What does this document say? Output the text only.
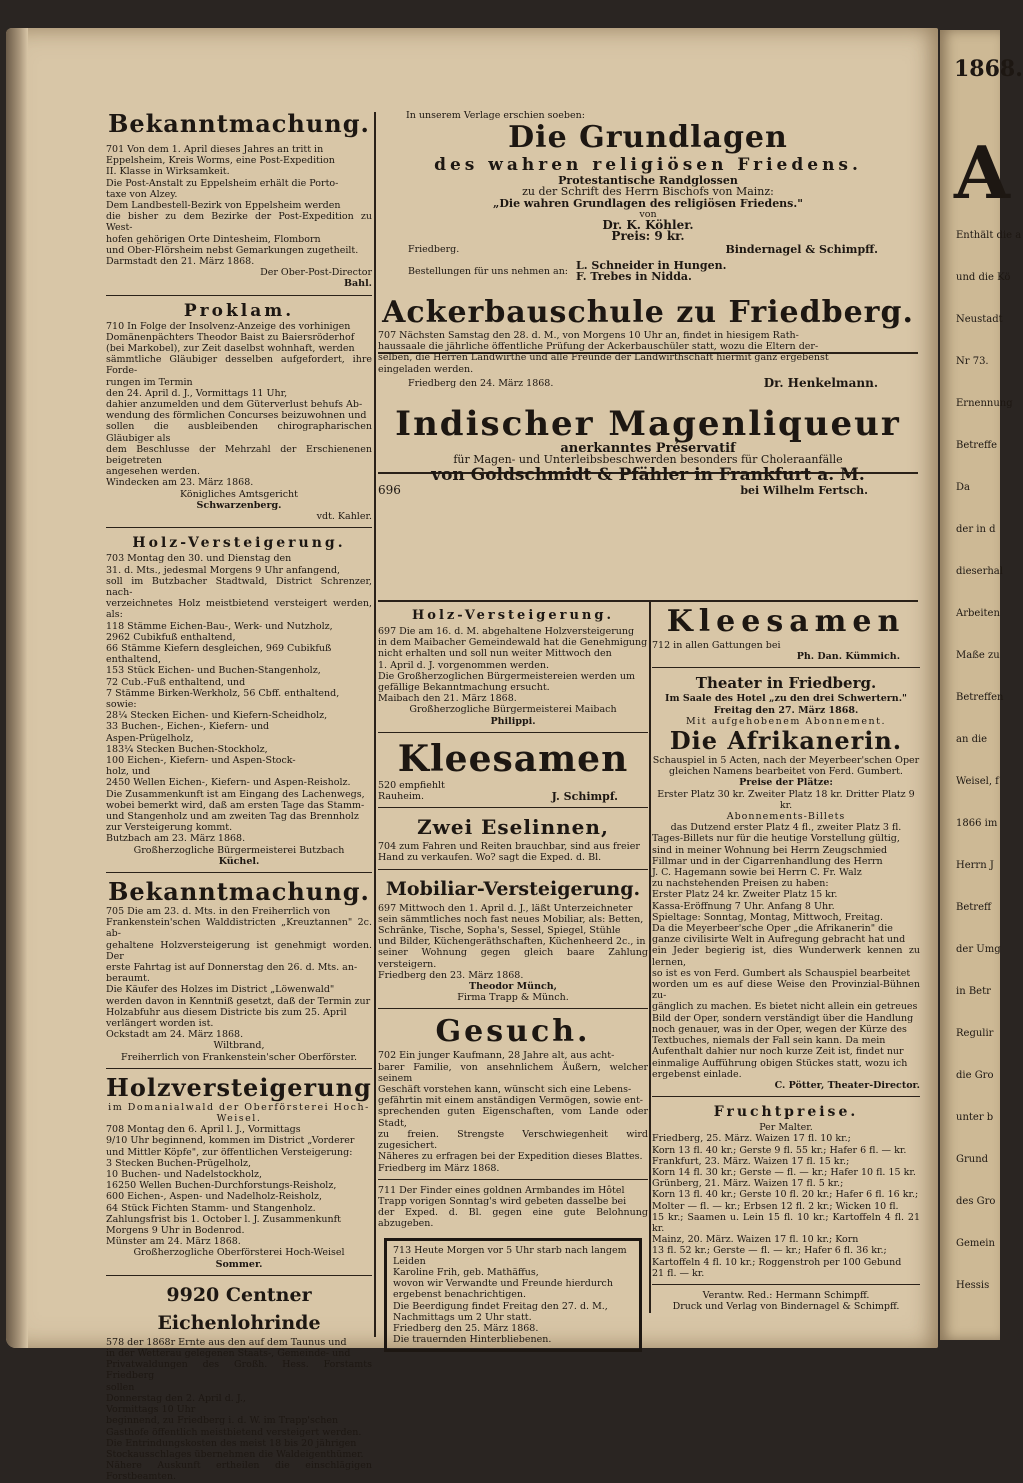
1868.
A
Enthält die a
und die Kö
Neustadt
Nr 73.
Ernennung
Betreffe
Da
der in d
dieserhal
Arbeiten
Maße zu
Betreffen
an die
Weisel, f
1866 im
Herrn J
Betreff
der Umg
in Betr
Regulir
die Gro
unter b
Grund
des Gro
Gemein
Hessis

Bekanntmachung.

701 Von dem 1. April dieses Jahres an tritt in

Eppelsheim, Kreis Worms, eine Post-Expedition

II. Klasse in Wirksamkeit.

Die Post-Anstalt zu Eppelsheim erhält die Porto-

taxe von Alzey.

Dem Landbestell-Bezirk von Eppelsheim werden

die bisher zu dem Bezirke der Post-Expedition zu West-

hofen gehörigen Orte Dintesheim, Flomborn

und Ober-Flörsheim nebst Gemarkungen zugetheilt.

Darmstadt den 21. März 1868.

Der Ober-Post-Director

Bahl.

Proklam.

710 In Folge der Insolvenz-Anzeige des vorhinigen

Domänenpächters Theodor Baist zu Baiersröderhof

(bei Markobel), zur Zeit daselbst wohnhaft, werden

sämmtliche Gläubiger desselben aufgefordert, ihre Forde-

rungen im Termin

den 24. April d. J., Vormittags 11 Uhr,

dahier anzumelden und dem Güterverlust behufs Ab-

wendung des förmlichen Concurses beizuwohnen und

sollen die ausbleibenden chirographarischen Gläubiger als

dem Beschlusse der Mehrzahl der Erschienenen beigetreten

angesehen werden.

Windecken am 23. März 1868.

Königliches Amtsgericht

Schwarzenberg.

vdt. Kahler.

Holz-Versteigerung.

703 Montag den 30. und Dienstag den

31. d. Mts., jedesmal Morgens 9 Uhr anfangend,

soll im Butzbacher Stadtwald, District Schrenzer, nach-

verzeichnetes Holz meistbietend versteigert werden, als:

118 Stämme Eichen-Bau-, Werk- und Nutzholz,

2962 Cubikfuß enthaltend,

66 Stämme Kiefern desgleichen, 969 Cubikfuß

enthaltend,

153 Stück Eichen- und Buchen-Stangenholz,

72 Cub.-Fuß enthaltend, und

7 Stämme Birken-Werkholz, 56 Cbff. enthaltend,

sowie:

28¼ Stecken Eichen- und Kiefern-Scheidholz,

33 Buchen-, Eichen-, Kiefern- und

Aspen-Prügelholz,

183¼ Stecken Buchen-Stockholz,

100 Eichen-, Kiefern- und Aspen-Stock-

holz, und

2450 Wellen Eichen-, Kiefern- und Aspen-Reisholz.

Die Zusammenkunft ist am Eingang des Lachenwegs,

wobei bemerkt wird, daß am ersten Tage das Stamm-

und Stangenholz und am zweiten Tag das Brennholz

zur Versteigerung kommt.

Butzbach am 23. März 1868.

Großherzogliche Bürgermeisterei Butzbach

Küchel.

Bekanntmachung.

705 Die am 23. d. Mts. in den Freiherrlich von

Frankenstein'schen Walddistricten „Kreuztannen" 2c. ab-

gehaltene Holzversteigerung ist genehmigt worden. Der

erste Fahrtag ist auf Donnerstag den 26. d. Mts. an-

beraumt.

Die Käufer des Holzes im District „Löwenwald"

werden davon in Kenntniß gesetzt, daß der Termin zur

Holzabfuhr aus diesem Districte bis zum 25. April

verlängert worden ist.

Ockstadt am 24. März 1868.

Wiltbrand,

Freiherrlich von Frankenstein'scher Oberförster.

Holzversteigerung

im Domanialwald der Oberförsterei Hoch-Weisel.

708 Montag den 6. April l. J., Vormittags

9/10 Uhr beginnend, kommen im District „Vorderer

und Mittler Köpfe", zur öffentlichen Versteigerung:

3 Stecken Buchen-Prügelholz,

10 Buchen- und Nadelstockholz,

16250 Wellen Buchen-Durchforstungs-Reisholz,

600 Eichen-, Aspen- und Nadelholz-Reisholz,

64 Stück Fichten Stamm- und Stangenholz.

Zahlungsfrist bis 1. October l. J. Zusammenkunft

Morgens 9 Uhr in Bodenrod.

Münster am 24. März 1868.

Großherzogliche Oberförsterei Hoch-Weisel

Sommer.

9920 Centner Eichenlohrinde

578 der 1868r Ernte aus den auf dem Taunus und

in der Wetterau gelegenen Staats-, Gemeinde- und

Privatwaldungen des Großh. Hess. Forstamts Friedberg

sollen

Donnerstag den 2. April d. J.,

Vormittags 10 Uhr

beginnend, zu Friedberg i. d. W. im Trapp'schen

Gasthofe öffentlich meistbietend versteigert werden.

Die Entrindungskosten des meist 18 bis 20 jährigen

Stockausschlages übernehmen die Waldeigenthümer.

Nähere Auskunft ertheilen die einschlägigen Forstbeamten.

In unserem Verlage erschien soeben:

Die Grundlagen

des wahren religiösen Friedens.

Protestantische Randglossen

zu der Schrift des Herrn Bischofs von Mainz:

„Die wahren Grundlagen des religiösen Friedens."

von

Dr. K. Köhler.

Preis: 9 kr.

Friedberg.	Bindernagel & Schimpff.
Bestellungen für uns nehmen an: L. Schneider in Hungen.

F. Trebes in Nidda.

Ackerbauschule zu Friedberg.

707 Nächsten Samstag den 28. d. M., von Morgens 10 Uhr an, findet in hiesigem Rath-

haussaale die jährliche öffentliche Prüfung der Ackerbauschüler statt, wozu die Eltern der-

selben, die Herren Landwirthe und alle Freunde der Landwirthschaft hiermit ganz ergebenst

eingeladen werden.

Friedberg den 24. März 1868.	Dr. Henkelmann.

Indischer Magenliqueur

anerkanntes Préservatif

für Magen- und Unterleibsbeschwerden besonders für Choleraanfälle

von Goldschmidt & Pfähler in Frankfurt a. M.

696	bei Wilhelm Fertsch.

Holz-Versteigerung.

697 Die am 16. d. M. abgehaltene Holzversteigerung

in dem Maibacher Gemeindewald hat die Genehmigung

nicht erhalten und soll nun weiter Mittwoch den

1. April d. J. vorgenommen werden.

Die Großherzoglichen Bürgermeistereien werden um

gefällige Bekanntmachung ersucht.

Maibach den 21. März 1868.

Großherzogliche Bürgermeisterei Maibach

Philippi.

Kleesamen

520 empfiehlt

Rauheim.	J. Schimpf.

Zwei Eselinnen,

704 zum Fahren und Reiten brauchbar, sind aus freier

Hand zu verkaufen. Wo? sagt die Exped. d. Bl.

Mobiliar-Versteigerung.

697 Mittwoch den 1. April d. J., läßt Unterzeichneter

sein sämmtliches noch fast neues Mobiliar, als: Betten,

Schränke, Tische, Sopha's, Sessel, Spiegel, Stühle

und Bilder, Küchengeräthschaften, Küchenheerd 2c., in

seiner Wohnung gegen gleich baare Zahlung versteigern.

Friedberg den 23. März 1868.

Theodor Münch,

Firma Trapp & Münch.

Gesuch.

702 Ein junger Kaufmann, 28 Jahre alt, aus acht-

barer Familie, von ansehnlichem Äußern, welcher seinem

Geschäft vorstehen kann, wünscht sich eine Lebens-

gefährtin mit einem anständigen Vermögen, sowie ent-

sprechenden guten Eigenschaften, vom Lande oder Stadt,

zu freien. Strengste Verschwiegenheit wird zugesichert.

Näheres zu erfragen bei der Expedition dieses Blattes.

Friedberg im März 1868.

711 Der Finder eines goldnen Armbandes im Hôtel

Trapp vorigen Sonntag's wird gebeten dasselbe bei

der Exped. d. Bl. gegen eine gute Belohnung abzugeben.

713 Heute Morgen vor 5 Uhr starb nach langem

Leiden

Karoline Frih, geb. Mathäffus,

wovon wir Verwandte und Freunde hierdurch

ergebenst benachrichtigen.

Die Beerdigung findet Freitag den 27. d. M.,

Nachmittags um 2 Uhr statt.

Friedberg den 25. März 1868.

Die trauernden Hinterbliebenen.

Kleesamen

712 in allen Gattungen bei

Ph. Dan. Kümmich.

Theater in Friedberg.

Im Saale des Hotel „zu den drei Schwertern."

Freitag den 27. März 1868.

Mit aufgehobenem Abonnement.

Die Afrikanerin.

Schauspiel in 5 Acten, nach der Meyerbeer'schen Oper

gleichen Namens bearbeitet von Ferd. Gumbert.

Preise der Plätze:

Erster Platz 30 kr. Zweiter Platz 18 kr. Dritter Platz 9 kr.

Abonnements-Billets

das Dutzend erster Platz 4 fl., zweiter Platz 3 fl.

Tages-Billets nur für die heutige Vorstellung gültig,

sind in meiner Wohnung bei Herrn Zeugschmied

Fillmar und in der Cigarrenhandlung des Herrn

J. C. Hagemann sowie bei Herrn C. Fr. Walz

zu nachstehenden Preisen zu haben:

Erster Platz 24 kr. Zweiter Platz 15 kr.

Kassa-Eröffnung 7 Uhr. Anfang 8 Uhr.

Spieltage: Sonntag, Montag, Mittwoch, Freitag.

Da die Meyerbeer'sche Oper „die Afrikanerin" die

ganze civilisirte Welt in Aufregung gebracht hat und

ein Jeder begierig ist, dies Wunderwerk kennen zu lernen,

so ist es von Ferd. Gumbert als Schauspiel bearbeitet

worden um es auf diese Weise den Provinzial-Bühnen zu-

gänglich zu machen. Es bietet nicht allein ein getreues

Bild der Oper, sondern verständigt über die Handlung

noch genauer, was in der Oper, wegen der Kürze des

Textbuches, niemals der Fall sein kann. Da mein

Aufenthalt dahier nur noch kurze Zeit ist, findet nur

einmalige Aufführung obigen Stückes statt, wozu ich

ergebenst einlade.

C. Pötter, Theater-Director.

Fruchtpreise.

Per Malter.

Friedberg, 25. März. Waizen 17 fl. 10 kr.;

Korn 13 fl. 40 kr.; Gerste 9 fl. 55 kr.; Hafer 6 fl. — kr.

Frankfurt, 23. März. Waizen 17 fl. 15 kr.;

Korn 14 fl. 30 kr.; Gerste — fl. — kr.; Hafer 10 fl. 15 kr.

Grünberg, 21. März. Waizen 17 fl. 5 kr.;

Korn 13 fl. 40 kr.; Gerste 10 fl. 20 kr.; Hafer 6 fl. 16 kr.;

Molter — fl. — kr.; Erbsen 12 fl. 2 kr.; Wicken 10 fl.

15 kr.; Saamen u. Lein 15 fl. 10 kr.; Kartoffeln 4 fl. 21 kr.

Mainz, 20. März. Waizen 17 fl. 10 kr.; Korn

13 fl. 52 kr.; Gerste — fl. — kr.; Hafer 6 fl. 36 kr.;

Kartoffeln 4 fl. 10 kr.; Roggenstroh per 100 Gebund

21 fl. — kr.

Verantw. Red.: Hermann Schimpff.

Druck und Verlag von Bindernagel & Schimpff.
